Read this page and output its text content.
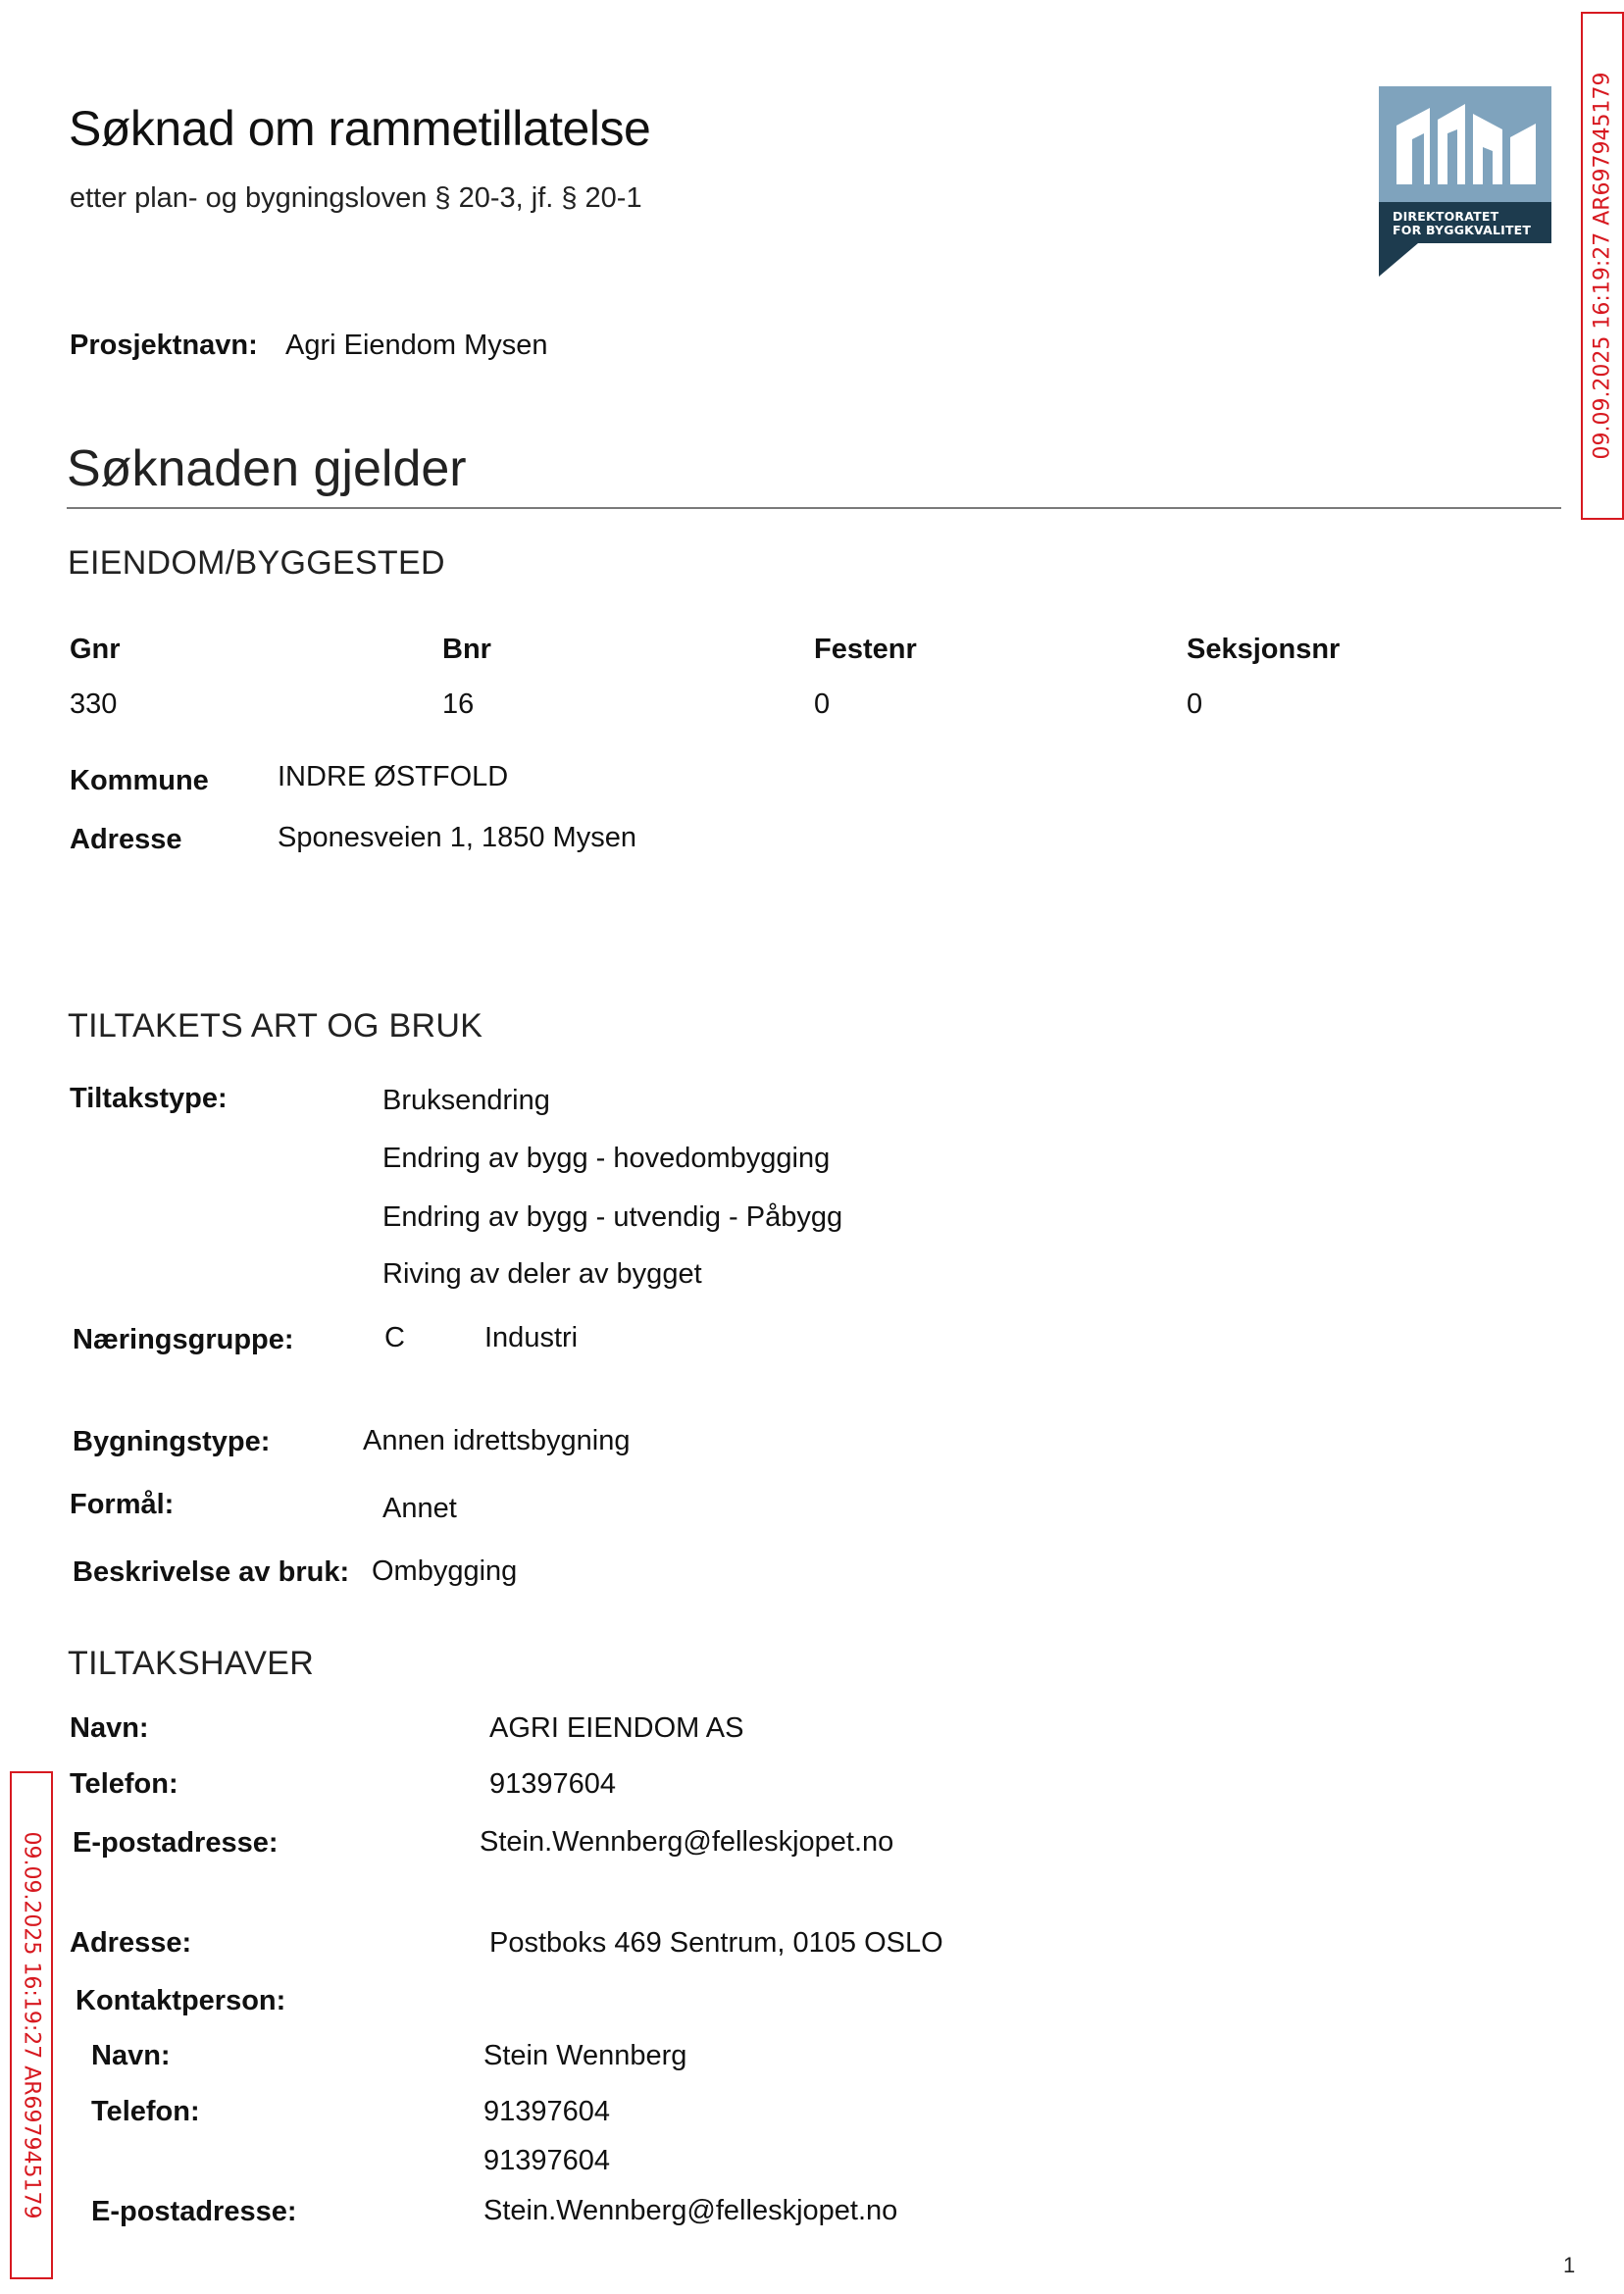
Søknad om rammetillatelse
etter plan- og bygningsloven § 20-3, jf. § 20-1
DIREKTORATET
FOR BYGGKVALITET	09.09.2025 16:19:27 AR697945179
09.09.2025 16:19:27 AR697945179
Prosjektnavn: Agri Eiendom Mysen
Søknaden gjelder
EIENDOM/BYGGESTED
Gnr	Bnr	Festenr	Seksjonsnr
330	16	0	0
Kommune INDRE ØSTFOLD
Adresse	Sponesveien 1, 1850 Mysen
TILTAKETS ART OG BRUK
Tiltakstype:	Bruksendring
Endring av bygg - hovedombygging
Endring av bygg - utvendig - Påbygg
Riving av deler av bygget
Næringsgruppe:	C	Industri
Bygningstype:	Annen idrettsbygning
Formål:	Annet
Beskrivelse av bruk: Ombygging
TILTAKSHAVER
Navn:	AGRI EIENDOM AS
Telefon:	91397604
E-postadresse:	Stein.Wennberg@felleskjopet.no
Adresse:	Postboks 469 Sentrum, 0105 OSLO
Kontaktperson:
Navn:	Stein Wennberg
Telefon:	91397604
91397604
E-postadresse:	Stein.Wennberg@felleskjopet.no
1
